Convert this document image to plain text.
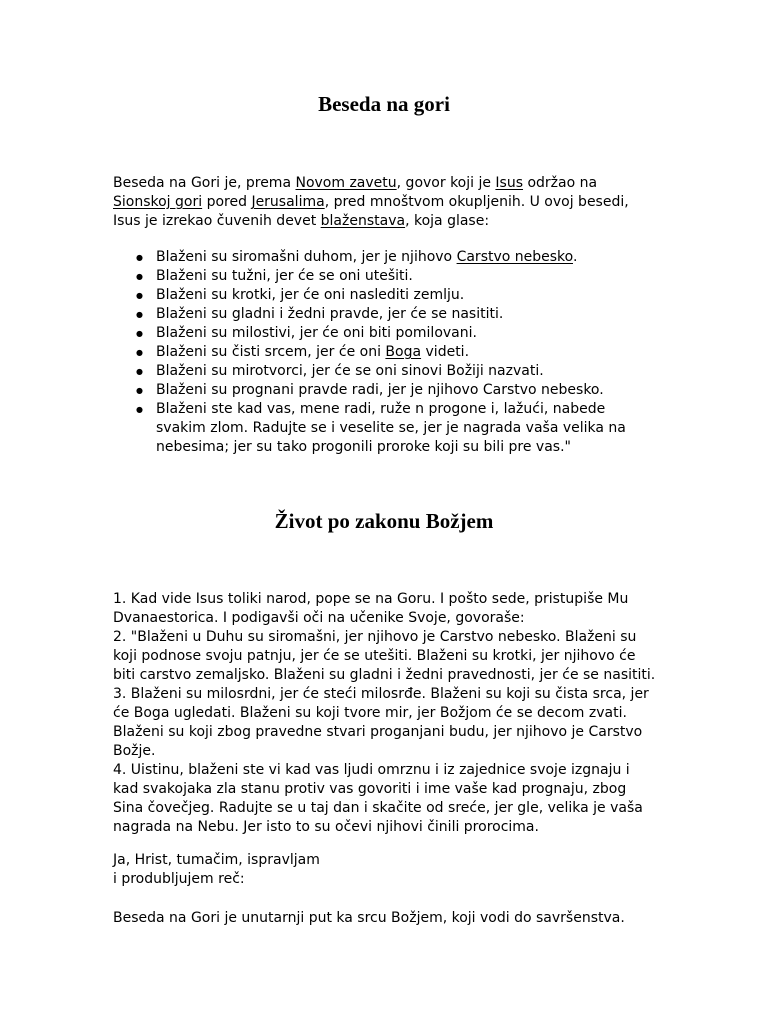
Beseda na gori

Beseda na Gori je, prema Novom zavetu, govor koji je Isus održao na Sionskoj gori pored Jerusalima, pred mnoštvom okupljenih. U ovoj besedi, Isus je izrekao čuvenih devet blaženstava, koja glase:

● Blaženi su siromašni duhom, jer je njihovo Carstvo nebesko.
● Blaženi su tužni, jer će se oni utešiti.
● Blaženi su krotki, jer će oni naslediti zemlju.
● Blaženi su gladni i žedni pravde, jer će se nasititi.
● Blaženi su milostivi, jer će oni biti pomilovani.
● Blaženi su čisti srcem, jer će oni Boga videti.
● Blaženi su mirotvorci, jer će se oni sinovi Božiji nazvati.
● Blaženi su prognani pravde radi, jer je njihovo Carstvo nebesko.
● Blaženi ste kad vas, mene radi, ruže n progone i, lažući, nabede svakim zlom. Radujte se i veselite se, jer je nagrada vaša velika na nebesima; jer su tako progonili proroke koji su bili pre vas."
Život po zakonu Božjem

1. Kad vide Isus toliki narod, pope se na Goru. I pošto sede, pristupiše Mu Dvanaestorica. I podigavši oči na učenike Svoje, govoraše:
2. "Blaženi u Duhu su siromašni, jer njihovo je Carstvo nebesko. Blaženi su koji podnose svoju patnju, jer će se utešiti. Blaženi su krotki, jer njihovo će biti carstvo zemaljsko. Blaženi su gladni i žedni pravednosti, jer će se nasititi.
3. Blaženi su milosrdni, jer će steći milosrđe. Blaženi su koji su čista srca, jer će Boga ugledati. Blaženi su koji tvore mir, jer Božjom će se decom zvati. Blaženi su koji zbog pravedne stvari proganjani budu, jer njihovo je Carstvo Božje.
4. Uistinu, blaženi ste vi kad vas ljudi omrznu i iz zajednice svoje izgnaju i kad svakojaka zla stanu protiv vas govoriti i ime vaše kad prognaju, zbog Sina čovečjeg. Radujte se u taj dan i skačite od sreće, jer gle, velika je vaša nagrada na Nebu. Jer isto to su očevi njihovi činili prorocima.

Ja, Hrist, tumačim, ispravljam
i produbljujem reč:

Beseda na Gori je unutarnji put ka srcu Božjem, koji vodi do savršenstva.
